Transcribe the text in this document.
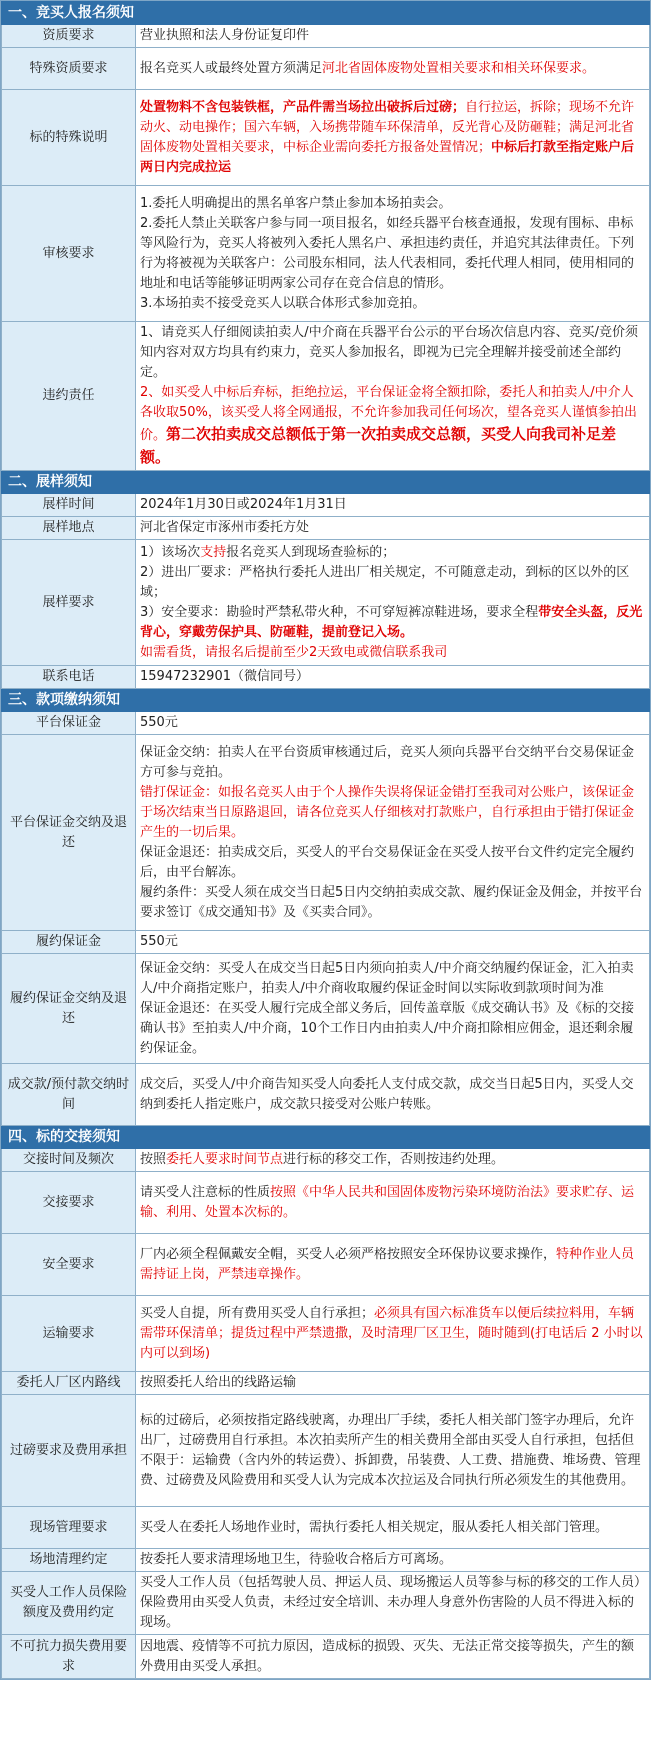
一、竞买人报名须知	
资质要求	营业执照和法人身份证复印件
特殊资质要求	报名竞买人或最终处置方须满足河北省固体废物处置相关要求和相关环保要求。
标的特殊说明	处置物料不含包装铁框，产品件需当场拉出破拆后过磅；自行拉运，拆除；现场不允许动火、动电操作；国六车辆，入场携带随车环保清单，反光背心及防砸鞋；满足河北省固体废物处置相关要求，中标企业需向委托方报备处置情况；中标后打款至指定账户后两日内完成拉运
审核要求	1.委托人明确提出的黑名单客户禁止参加本场拍卖会。
2.委托人禁止关联客户参与同一项目报名，如经兵器平台核查通报，发现有围标、串标等风险行为，竞买人将被列入委托人黑名户、承担违约责任，并追究其法律责任。下列行为将被视为关联客户：公司股东相同，法人代表相同，委托代理人相同，使用相同的地址和电话等能够证明两家公司存在竞合信息的情形。
3.本场拍卖不接受竞买人以联合体形式参加竞拍。

违约责任	1、请竞买人仔细阅读拍卖人/中介商在兵器平台公示的平台场次信息内容、竞买/竞价须知内容对双方均具有约束力，竞买人参加报名，即视为已完全理解并接受前述全部约定。
2、如买受人中标后弃标，拒绝拉运，平台保证金将全额扣除，委托人和拍卖人/中介人各收取50%，该买受人将全网通报，不允许参加我司任何场次，望各竞买人谨慎参拍出价。第二次拍卖成交总额低于第一次拍卖成交总额，买受人向我司补足差额。
二、展样须知	
展样时间	2024年1月30日或2024年1月31日
展样地点	河北省保定市涿州市委托方处
展样要求	1）该场次支持报名竞买人到现场查验标的；
2）进出厂要求：严格执行委托人进出厂相关规定，不可随意走动，到标的区以外的区域；
3）安全要求：勘验时严禁私带火种，不可穿短裤凉鞋进场，要求全程带安全头盔，反光背心，穿戴劳保护具、防砸鞋，提前登记入场。
如需看货，请报名后提前至少2天致电或微信联系我司

联系电话	15947232901（微信同号）
三、款项缴纳须知	
平台保证金	550元
平台保证金交纳及退还	保证金交纳：拍卖人在平台资质审核通过后，竞买人须向兵器平台交纳平台交易保证金方可参与竞拍。
错打保证金：如报名竞买人由于个人操作失误将保证金错打至我司对公账户，该保证金于场次结束当日原路退回，请各位竞买人仔细核对打款账户，自行承担由于错打保证金产生的一切后果。
保证金退还：拍卖成交后，买受人的平台交易保证金在买受人按平台文件约定完全履约后，由平台解冻。
履约条件：买受人须在成交当日起5日内交纳拍卖成交款、履约保证金及佣金，并按平台要求签订《成交通知书》及《买卖合同》。

履约保证金	550元
履约保证金交纳及退还	保证金交纳：买受人在成交当日起5日内须向拍卖人/中介商交纳履约保证金，汇入拍卖人/中介商指定账户，拍卖人/中介商收取履约保证金时间以实际收到款项时间为准
保证金退还：在买受人履行完成全部义务后，回传盖章版《成交确认书》及《标的交接确认书》至拍卖人/中介商，10个工作日内由拍卖人/中介商扣除相应佣金，退还剩余履约保证金。

成交款/预付款交纳时间	成交后，买受人/中介商告知买受人向委托人支付成交款，成交当日起5日内，买受人交纳到委托人指定账户，成交款只接受对公账户转账。
四、标的交接须知	
交接时间及频次	按照委托人要求时间节点进行标的移交工作，否则按违约处理。
交接要求	请买受人注意标的性质按照《中华人民共和国固体废物污染环境防治法》要求贮存、运输、利用、处置本次标的。
安全要求	厂内必须全程佩戴安全帽，买受人必须严格按照安全环保协议要求操作，特种作业人员需持证上岗，严禁违章操作。
运输要求	买受人自提，所有费用买受人自行承担；必须具有国六标准货车以便后续拉料用，车辆需带环保清单；提货过程中严禁遗撒，及时清理厂区卫生，随时随到(打电话后 2 小时以内可以到场)
委托人厂区内路线	按照委托人给出的线路运输
过磅要求及费用承担	标的过磅后，必须按指定路线驶离，办理出厂手续，委托人相关部门签字办理后，允许出厂，过磅费用自行承担。本次拍卖所产生的相关费用全部由买受人自行承担，包括但不限于：运输费（含内外的转运费）、拆卸费，吊装费、人工费、措施费、堆场费、管理费、过磅费及风险费用和买受人认为完成本次拉运及合同执行所必须发生的其他费用。
现场管理要求	买受人在委托人场地作业时，需执行委托人相关规定，服从委托人相关部门管理。
场地清理约定	按委托人要求清理场地卫生，待验收合格后方可离场。
买受人工作人员保险额度及费用约定	买受人工作人员（包括驾驶人员、押运人员、现场搬运人员等参与标的移交的工作人员）保险费用由买受人负责，未经过安全培训、未办理人身意外伤害险的人员不得进入标的现场。
不可抗力损失费用要求	因地震、疫情等不可抗力原因，造成标的损毁、灭失、无法正常交接等损失，产生的额外费用由买受人承担。
